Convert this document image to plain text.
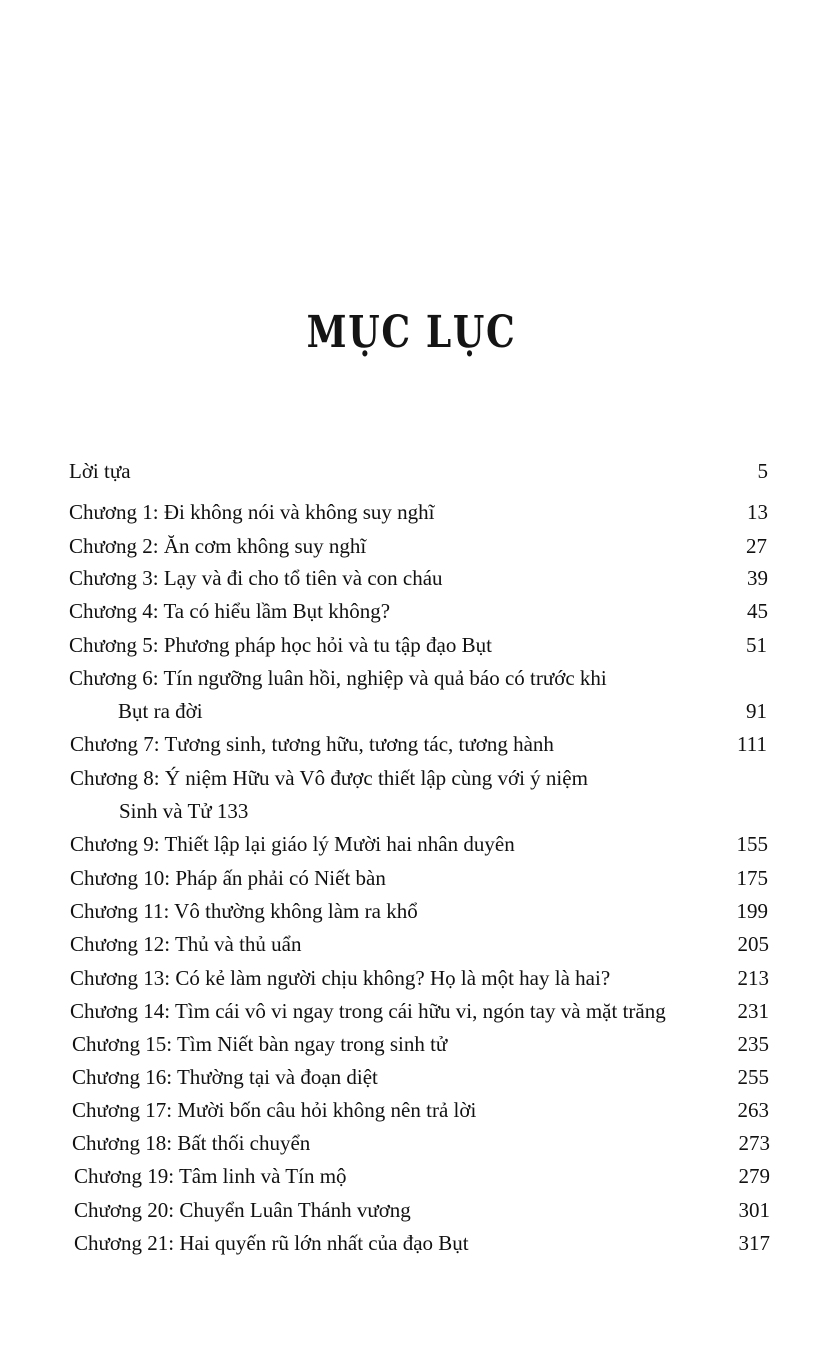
MỤC LỤC
Lời tựa	5
Chương 1: Đi không nói và không suy nghĩ	13
Chương 2: Ăn cơm không suy nghĩ	27
Chương 3: Lạy và đi cho tổ tiên và con cháu	39
Chương 4: Ta có hiểu lầm Bụt không?	45
Chương 5: Phương pháp học hỏi và tu tập đạo Bụt	51
Chương 6: Tín ngưỡng luân hồi, nghiệp và quả báo có trước khi
Bụt ra đời	91
Chương 7: Tương sinh, tương hữu, tương tác, tương hành	111
Chương 8: Ý niệm Hữu và Vô được thiết lập cùng với ý niệm
Sinh và Tử 133
Chương 9: Thiết lập lại giáo lý Mười hai nhân duyên	155
Chương 10: Pháp ấn phải có Niết bàn	175
Chương 11: Vô thường không làm ra khổ	199
Chương 12: Thủ và thủ uẩn	205
Chương 13: Có kẻ làm người chịu không? Họ là một hay là hai?	213
Chương 14: Tìm cái vô vi ngay trong cái hữu vi, ngón tay và mặt trăng	231
Chương 15: Tìm Niết bàn ngay trong sinh tử	235
Chương 16: Thường tại và đoạn diệt	255
Chương 17: Mười bốn câu hỏi không nên trả lời	263
Chương 18: Bất thối chuyển	273
Chương 19: Tâm linh và Tín mộ	279
Chương 20: Chuyển Luân Thánh vương	301
Chương 21: Hai quyến rũ lớn nhất của đạo Bụt	317
